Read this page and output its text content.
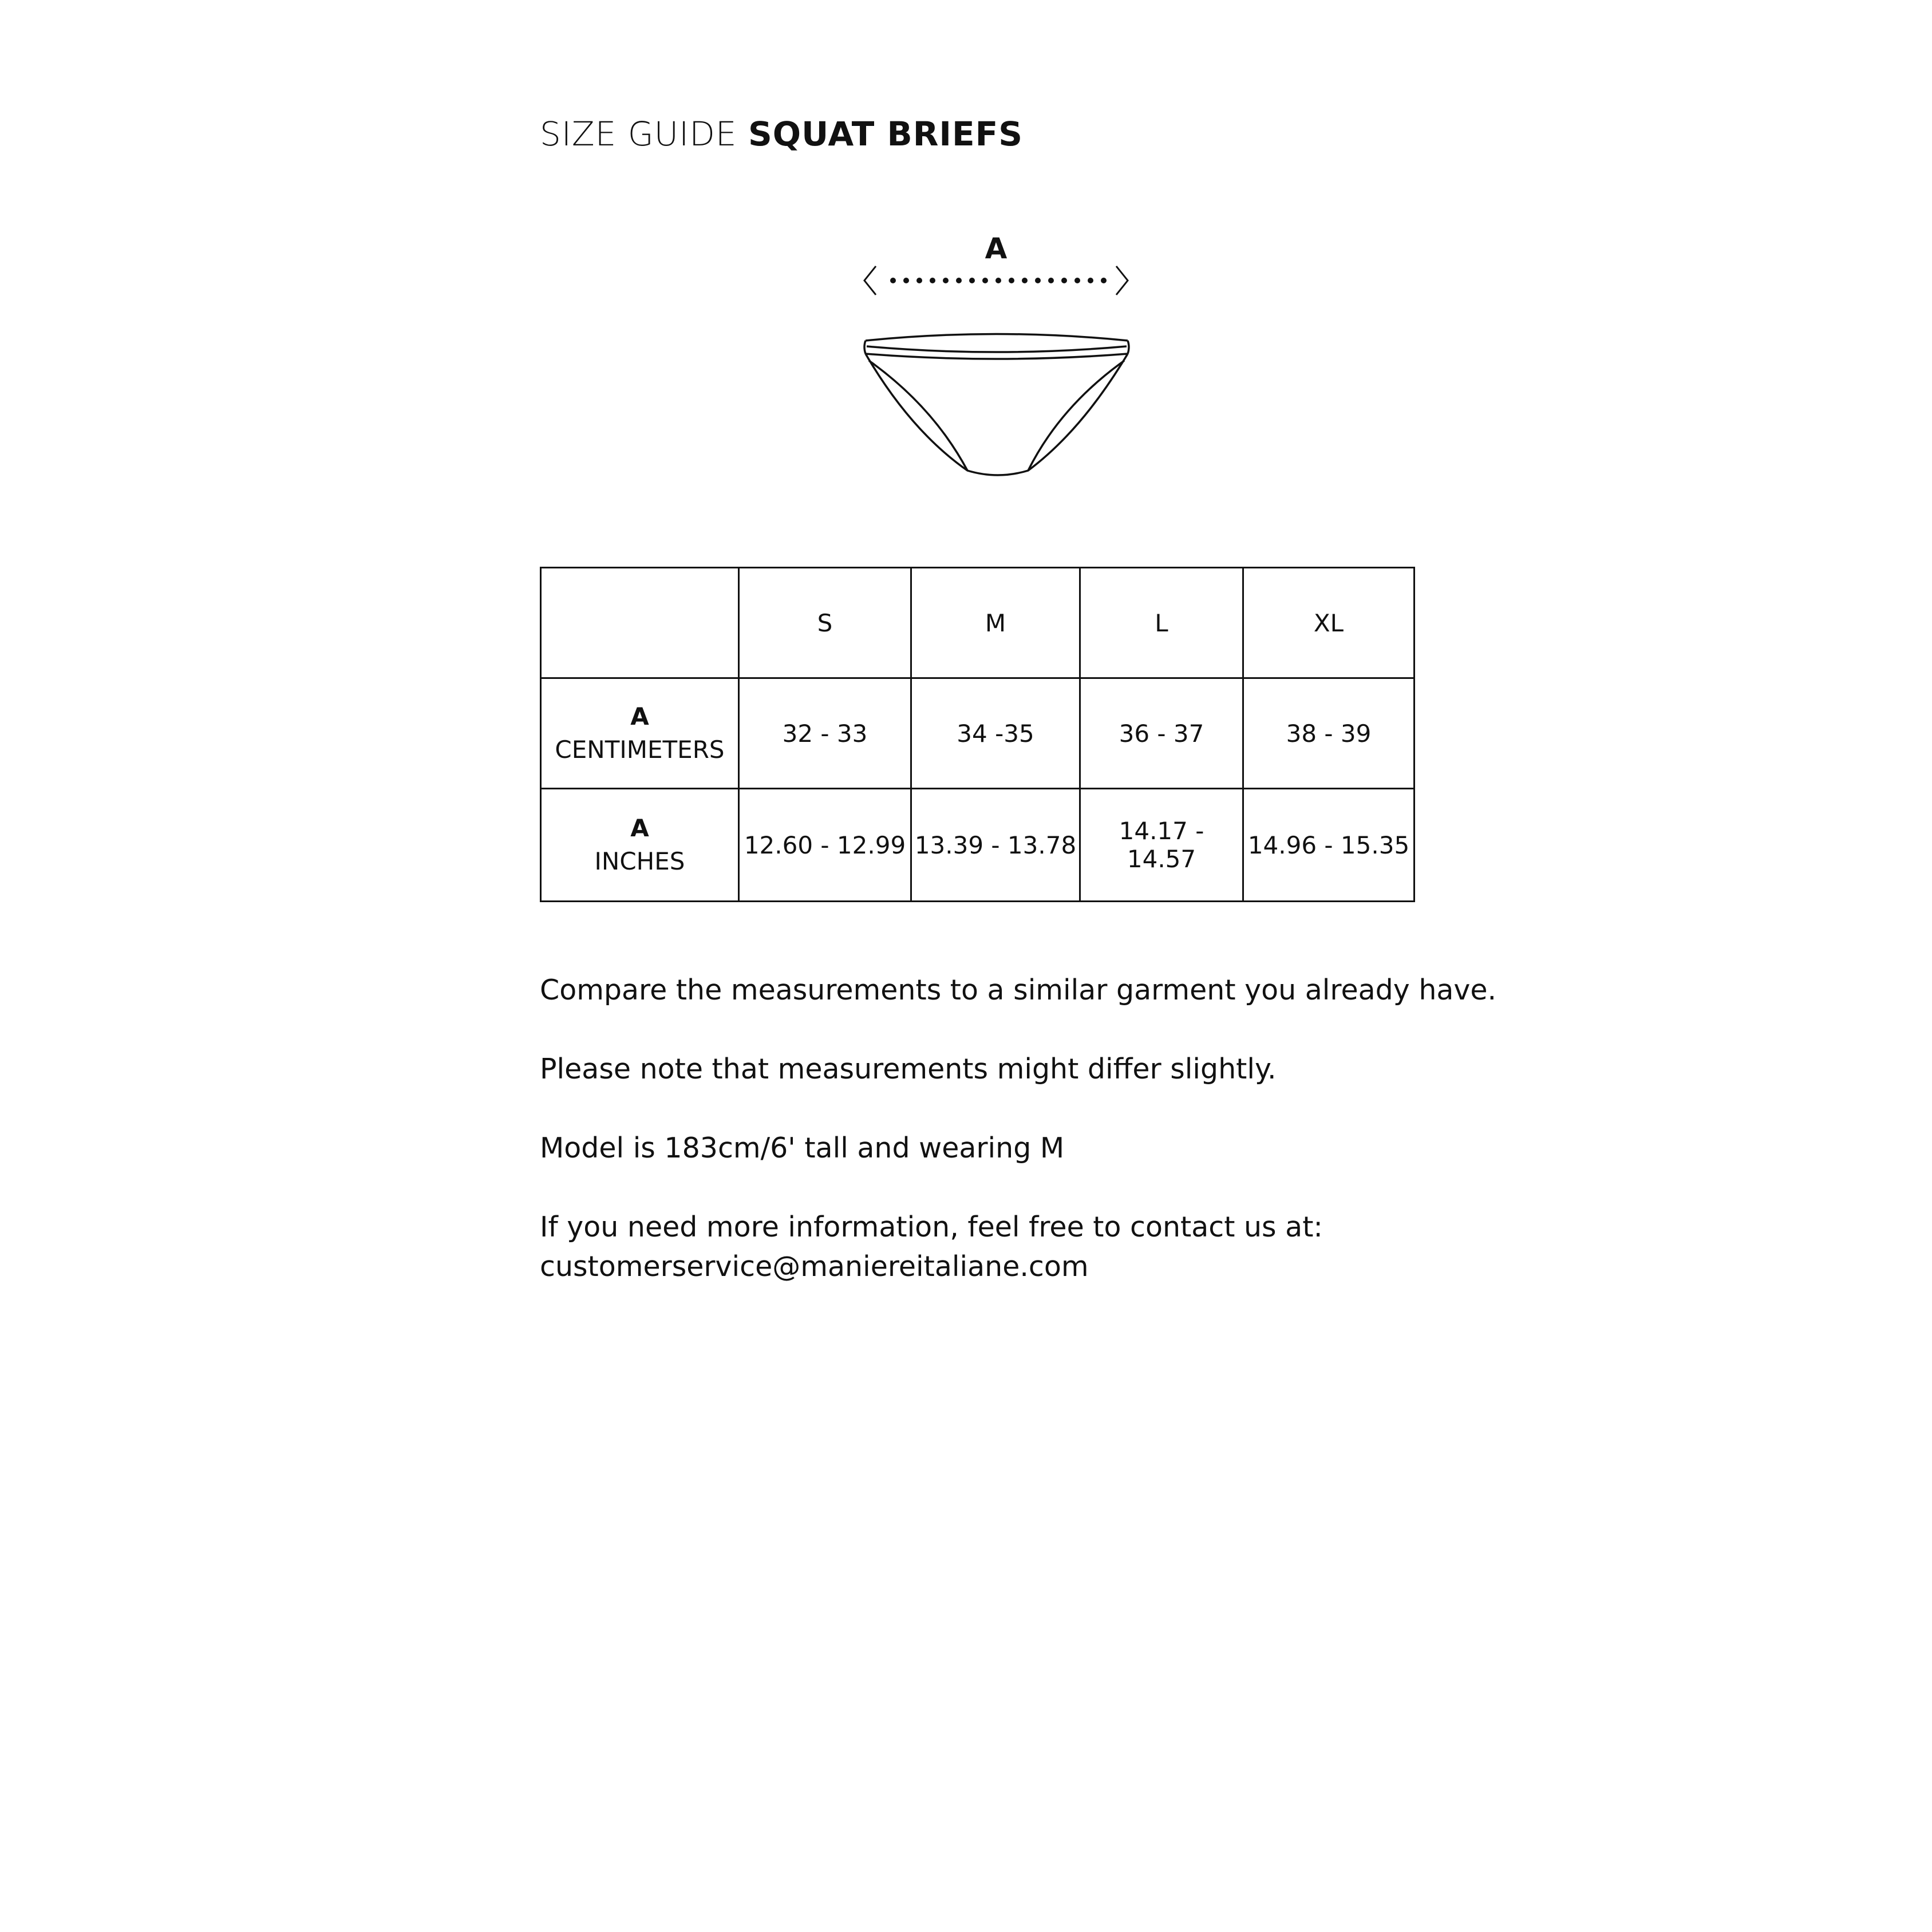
SIZE GUIDE SQUAT BRIEFS
A
	S	M	L	XL

A
CENTIMETERS	32 - 33	34 -35	36 - 37	38 - 39

A
INCHES	12.60 - 12.99	13.39 - 13.78	14.17 - 14.57	14.96 - 15.35

Compare the measurements to a similar garment you already have.

Please note that measurements might differ slightly.

Model is 183cm/6' tall and wearing M

If you need more information, feel free to contact us at:
customerservice@maniereitaliane.com
